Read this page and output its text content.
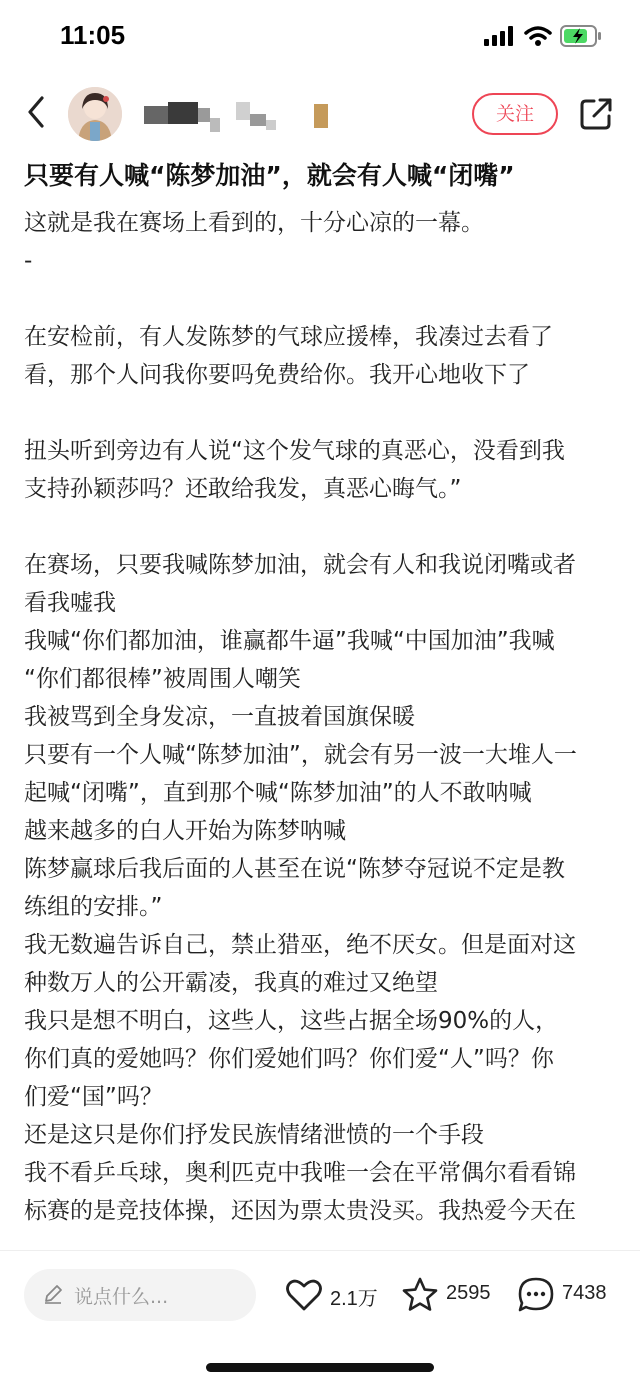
11:05
关注
只要有人喊“陈梦加油”，就会有人喊“闭嘴”
这就是我在赛场上看到的，十分心凉的一幕。
-
在安检前，有人发陈梦的气球应援棒，我凑过去看了
看，那个人问我你要吗免费给你。我开心地收下了
扭头听到旁边有人说“这个发气球的真恶心，没看到我
支持孙颖莎吗？还敢给我发，真恶心晦气。”
在赛场，只要我喊陈梦加油，就会有人和我说闭嘴或者
看我嘘我
我喊“你们都加油，谁赢都牛逼”我喊“中国加油”我喊
“你们都很棒”被周围人嘲笑
我被骂到全身发凉，一直披着国旗保暖
只要有一个人喊“陈梦加油”，就会有另一波一大堆人一
起喊“闭嘴”，直到那个喊“陈梦加油”的人不敢呐喊
越来越多的白人开始为陈梦呐喊
陈梦赢球后我后面的人甚至在说“陈梦夺冠说不定是教
练组的安排。”
我无数遍告诉自己，禁止猎巫，绝不厌女。但是面对这
种数万人的公开霸凌，我真的难过又绝望
我只是想不明白，这些人，这些占据全场90%的人，
你们真的爱她吗？你们爱她们吗？你们爱“人”吗？你
们爱“国”吗？
还是这只是你们抒发民族情绪泄愤的一个手段
我不看乒乓球，奥利匹克中我唯一会在平常偶尔看看锦
标赛的是竞技体操，还因为票太贵没买。我热爱今天在
说点什么...	2.1万	2595	7438
